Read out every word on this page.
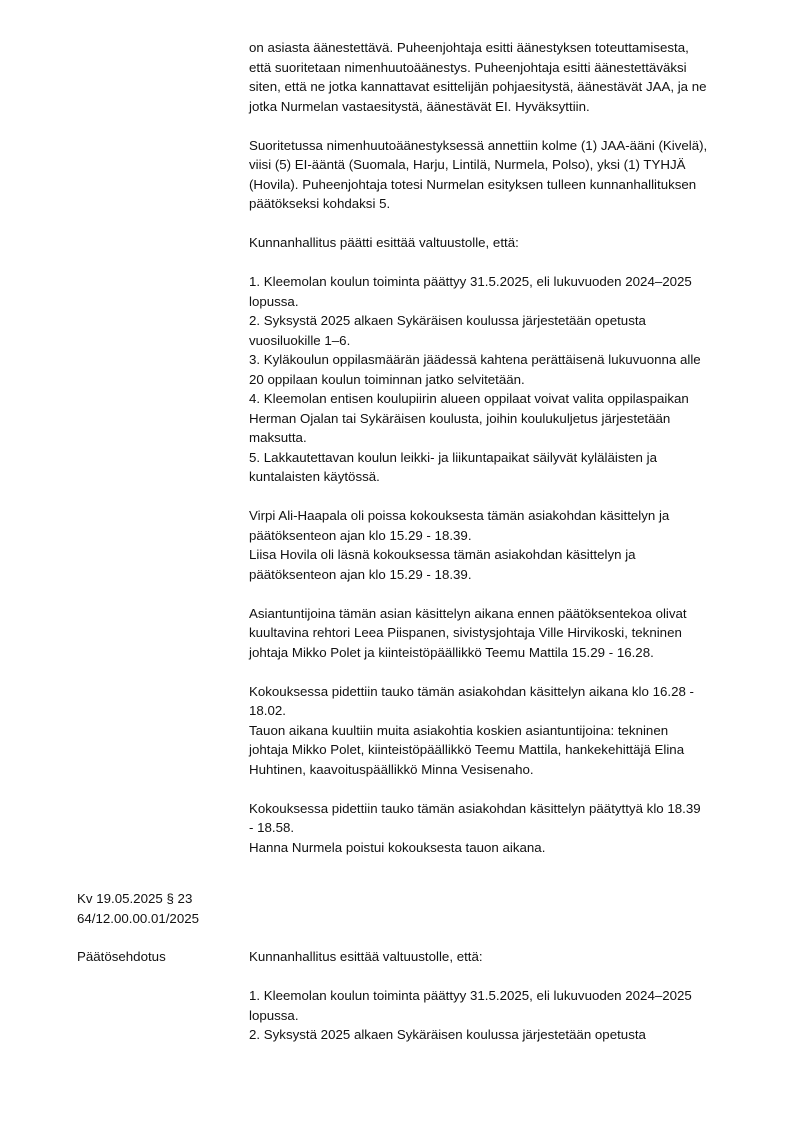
on asiasta äänestettävä. Puheenjohtaja esitti äänestyksen toteuttamisesta,
että suoritetaan nimenhuutoäänestys. Puheenjohtaja esitti äänestettäväksi
siten, että ne jotka kannattavat esittelijän pohjaesitystä, äänestävät JAA, ja ne
jotka Nurmelan vastaesitystä, äänestävät EI. Hyväksyttiin.

Suoritetussa nimenhuutoäänestyksessä annettiin kolme (1) JAA-ääni (Kivelä),
viisi (5) EI-ääntä (Suomala, Harju, Lintilä, Nurmela, Polso), yksi (1) TYHJÄ
(Hovila). Puheenjohtaja totesi Nurmelan esityksen tulleen kunnanhallituksen
päätökseksi kohdaksi 5.

Kunnanhallitus päätti esittää valtuustolle, että:

1. Kleemolan koulun toiminta päättyy 31.5.2025, eli lukuvuoden 2024–2025
lopussa.
2. Syksystä 2025 alkaen Sykäräisen koulussa järjestetään opetusta
vuosiluokille 1–6.
3. Kyläkoulun oppilasmäärän jäädessä kahtena perättäisenä lukuvuonna alle
20 oppilaan koulun toiminnan jatko selvitetään.
4. Kleemolan entisen koulupiirin alueen oppilaat voivat valita oppilaspaikan
Herman Ojalan tai Sykäräisen koulusta, joihin koulukuljetus järjestetään
maksutta.
5. Lakkautettavan koulun leikki- ja liikuntapaikat säilyvät kyläläisten ja
kuntalaisten käytössä.

Virpi Ali-Haapala oli poissa kokouksesta tämän asiakohdan käsittelyn ja
päätöksenteon ajan klo 15.29 - 18.39.
Liisa Hovila oli läsnä kokouksessa tämän asiakohdan käsittelyn ja
päätöksenteon ajan klo 15.29 - 18.39.

Asiantuntijoina tämän asian käsittelyn aikana ennen päätöksentekoa olivat
kuultavina rehtori Leea Piispanen, sivistysjohtaja Ville Hirvikoski, tekninen
johtaja Mikko Polet ja kiinteistöpäällikkö Teemu Mattila 15.29 - 16.28.

Kokouksessa pidettiin tauko tämän asiakohdan käsittelyn aikana klo 16.28 -
18.02.
Tauon aikana kuultiin muita asiakohtia koskien asiantuntijoina: tekninen
johtaja Mikko Polet, kiinteistöpäällikkö Teemu Mattila, hankekehittäjä Elina
Huhtinen, kaavoituspäällikkö Minna Vesisenaho.

Kokouksessa pidettiin tauko tämän asiakohdan käsittelyn päätyttyä klo 18.39
- 18.58.
Hanna Nurmela poistui kokouksesta tauon aikana.

Kv 19.05.2025 § 23
64/12.00.00.01/2025
Päätösehdotus	Kunnanhallitus esittää valtuustolle, että:

1. Kleemolan koulun toiminta päättyy 31.5.2025, eli lukuvuoden 2024–2025
lopussa.
2. Syksystä 2025 alkaen Sykäräisen koulussa järjestetään opetusta
